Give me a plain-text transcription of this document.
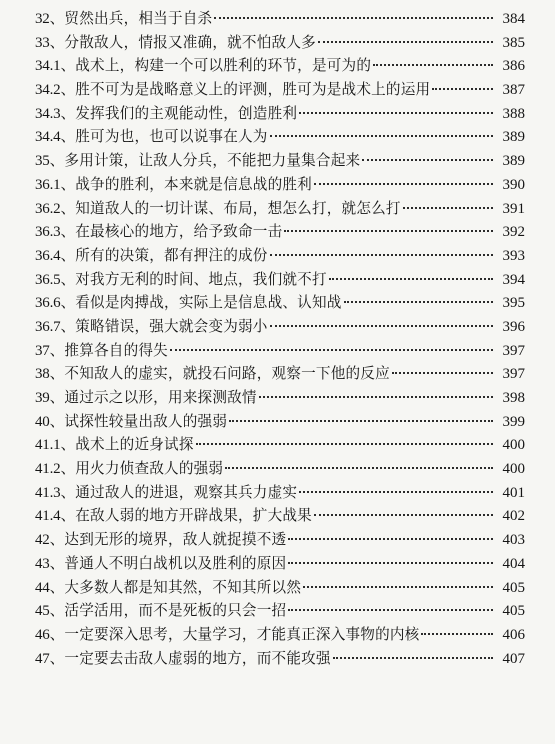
32、 贸然出兵，相当于自杀	384
33、 分散敌人，情报又准确，就不怕敌人多	385
34.1、 战术上，构建一个可以胜利的环节，是可为的	386
34.2、 胜不可为是战略意义上的评测，胜可为是战术上的运用	387
34.3、 发挥我们的主观能动性，创造胜利	388
34.4、 胜可为也，也可以说事在人为	389
35、 多用计策，让敌人分兵，不能把力量集合起来	389
36.1、 战争的胜利，本来就是信息战的胜利	390
36.2、 知道敌人的一切计谋、布局，想怎么打，就怎么打	391
36.3、 在最核心的地方，给予致命一击	392
36.4、 所有的决策，都有押注的成份	393
36.5、 对我方无利的时间、地点，我们就不打	394
36.6、 看似是肉搏战，实际上是信息战、认知战	395
36.7、 策略错误，强大就会变为弱小	396
37、 推算各自的得失	397
38、 不知敌人的虚实，就投石问路，观察一下他的反应	397
39、 通过示之以形，用来探测敌情	398
40、 试探性较量出敌人的强弱	399
41.1、 战术上的近身试探	400
41.2、 用火力侦查敌人的强弱	400
41.3、 通过敌人的进退，观察其兵力虚实	401
41.4、 在敌人弱的地方开辟战果，扩大战果	402
42、 达到无形的境界，敌人就捉摸不透	403
43、 普通人不明白战机以及胜利的原因	404
44、 大多数人都是知其然，不知其所以然	405
45、 活学活用，而不是死板的只会一招	405
46、 一定要深入思考，大量学习，才能真正深入事物的内核	406
47、 一定要去击敌人虚弱的地方，而不能攻强	407
